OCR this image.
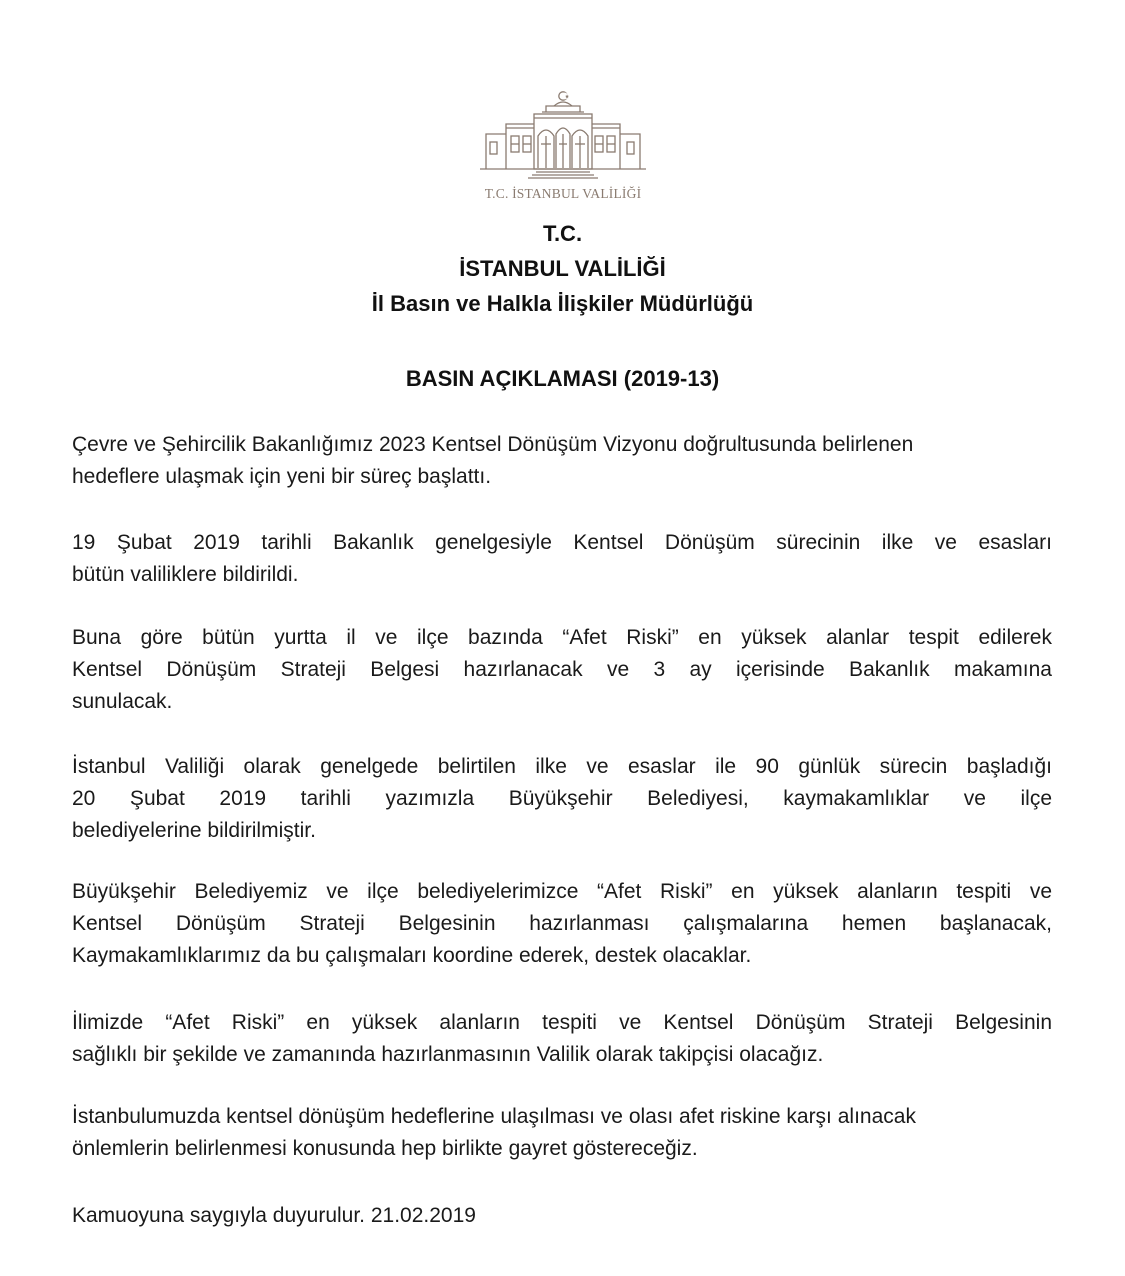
T.C. İSTANBUL VALİLİĞİ
T.C.
İSTANBUL VALİLİĞİ
İl Basın ve Halkla İlişkiler Müdürlüğü
BASIN AÇIKLAMASI (2019-13)
Çevre ve Şehircilik Bakanlığımız 2023 Kentsel Dönüşüm Vizyonu doğrultusunda belirlenen
hedeflere ulaşmak için yeni bir süreç başlattı.
19 Şubat 2019 tarihli Bakanlık genelgesiyle Kentsel Dönüşüm sürecinin ilke ve esasları
bütün valiliklere bildirildi.
Buna göre bütün yurtta il ve ilçe bazında “Afet Riski” en yüksek alanlar tespit edilerek
Kentsel Dönüşüm Strateji Belgesi hazırlanacak ve 3 ay içerisinde Bakanlık makamına
sunulacak.
İstanbul Valiliği olarak genelgede belirtilen ilke ve esaslar ile 90 günlük sürecin başladığı
20 Şubat 2019 tarihli yazımızla Büyükşehir Belediyesi, kaymakamlıklar ve ilçe
belediyelerine bildirilmiştir.
Büyükşehir Belediyemiz ve ilçe belediyelerimizce “Afet Riski” en yüksek alanların tespiti ve
Kentsel Dönüşüm Strateji Belgesinin hazırlanması çalışmalarına hemen başlanacak,
Kaymakamlıklarımız da bu çalışmaları koordine ederek, destek olacaklar.
İlimizde “Afet Riski” en yüksek alanların tespiti ve Kentsel Dönüşüm Strateji Belgesinin
sağlıklı bir şekilde ve zamanında hazırlanmasının Valilik olarak takipçisi olacağız.
İstanbulumuzda kentsel dönüşüm hedeflerine ulaşılması ve olası afet riskine karşı alınacak
önlemlerin belirlenmesi konusunda hep birlikte gayret göstereceğiz.
Kamuoyuna saygıyla duyurulur. 21.02.2019
